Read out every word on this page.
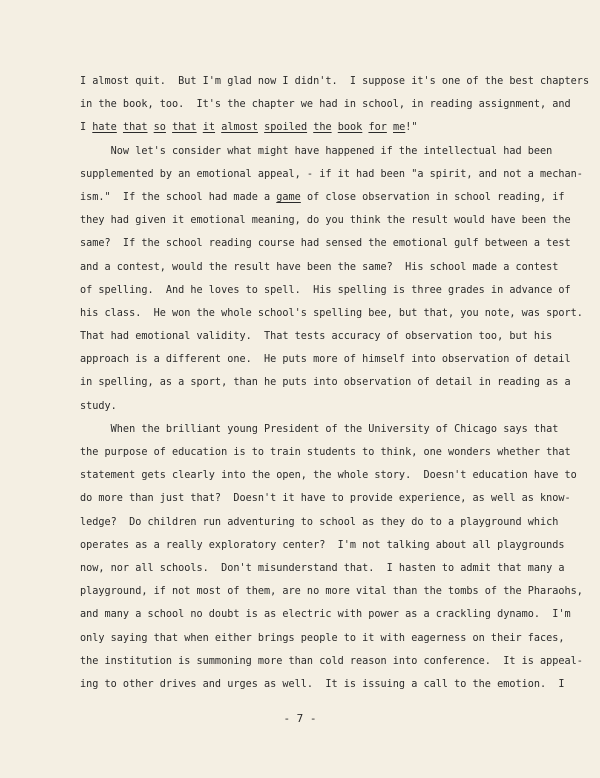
I almost quit.  But I'm glad now I didn't.  I suppose it's one of the best chapters
in the book, too.  It's the chapter we had in school, in reading assignment, and
I hate that so that it almost spoiled the book for me!"
Now let's consider what might have happened if the intellectual had been
supplemented by an emotional appeal, - if it had been "a spirit, and not a mechan-
ism."  If the school had made a game of close observation in school reading, if
they had given it emotional meaning, do you think the result would have been the
same?  If the school reading course had sensed the emotional gulf between a test
and a contest, would the result have been the same?  His school made a contest
of spelling.  And he loves to spell.  His spelling is three grades in advance of
his class.  He won the whole school's spelling bee, but that, you note, was sport.
That had emotional validity.  That tests accuracy of observation too, but his
approach is a different one.  He puts more of himself into observation of detail
in spelling, as a sport, than he puts into observation of detail in reading as a
study.
When the brilliant young President of the University of Chicago says that
the purpose of education is to train students to think, one wonders whether that
statement gets clearly into the open, the whole story.  Doesn't education have to
do more than just that?  Doesn't it have to provide experience, as well as know-
ledge?  Do children run adventuring to school as they do to a playground which
operates as a really exploratory center?  I'm not talking about all playgrounds
now, nor all schools.  Don't misunderstand that.  I hasten to admit that many a
playground, if not most of them, are no more vital than the tombs of the Pharaohs,
and many a school no doubt is as electric with power as a crackling dynamo.  I'm
only saying that when either brings people to it with eagerness on their faces,
the institution is summoning more than cold reason into conference.  It is appeal-
ing to other drives and urges as well.  It is issuing a call to the emotion.  I
- 7 -
